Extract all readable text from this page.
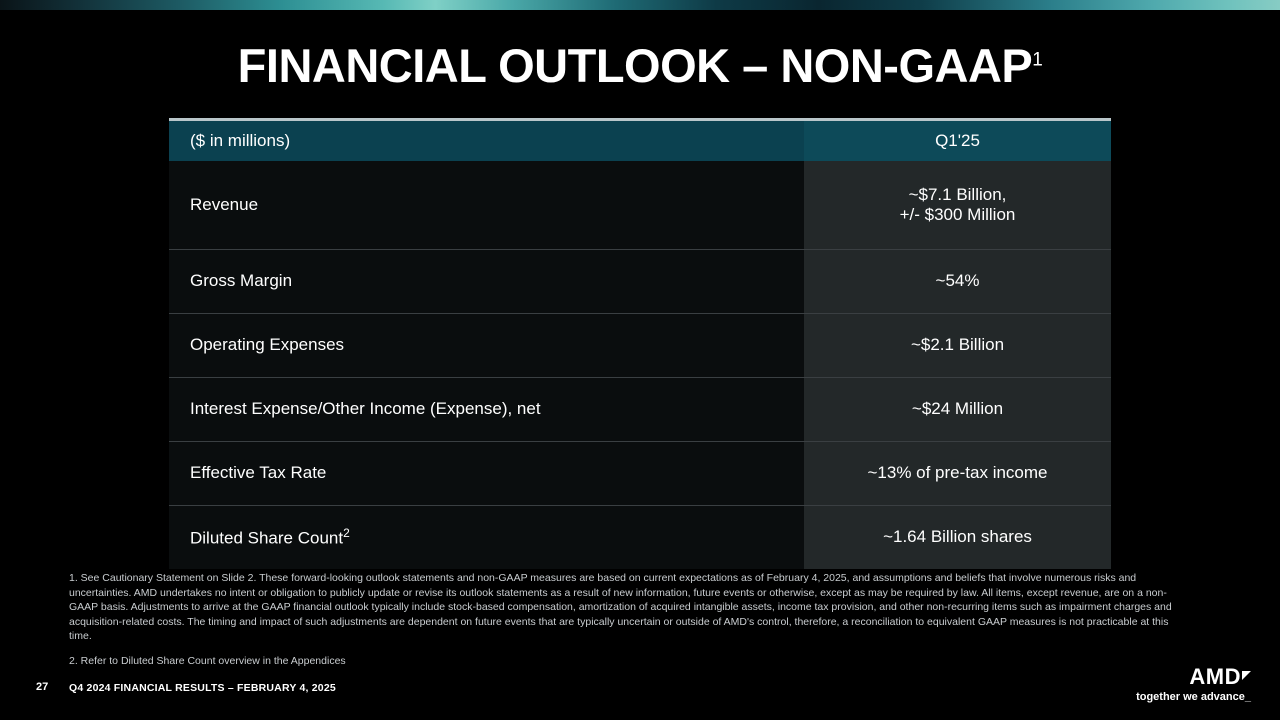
FINANCIAL OUTLOOK – NON-GAAP$^1$
($ in millions)	Q1'25
Revenue	~$7.1 Billion,
+/- $300 Million

Gross Margin	~54%
Operating Expenses	~$2.1 Billion
Interest Expense/Other Income (Expense), net	~$24 Million
Effective Tax Rate	~13% of pre-tax income
Diluted Share Count$^2$	~1.64 Billion shares
1. See Cautionary Statement on Slide 2. These forward-looking outlook statements and non-GAAP measures are based on current expectations as of February 4, 2025, and assumptions and beliefs that involve numerous risks and uncertainties. AMD undertakes no intent or obligation to publicly update or revise its outlook statements as a result of new information, future events or otherwise, except as may be required by law. All items, except revenue, are on a non-GAAP basis. Adjustments to arrive at the GAAP financial outlook typically include stock-based compensation, amortization of acquired intangible assets, income tax provision, and other non-recurring items such as impairment charges and acquisition-related costs. The timing and impact of such adjustments are dependent on future events that are typically uncertain or outside of AMD's control, therefore, a reconciliation to equivalent GAAP measures is not practicable at this time.
2. Refer to Diluted Share Count overview in the Appendices
27 Q4 2024 FINANCIAL RESULTS – FEBRUARY 4, 2025	AMD
together we advance_
